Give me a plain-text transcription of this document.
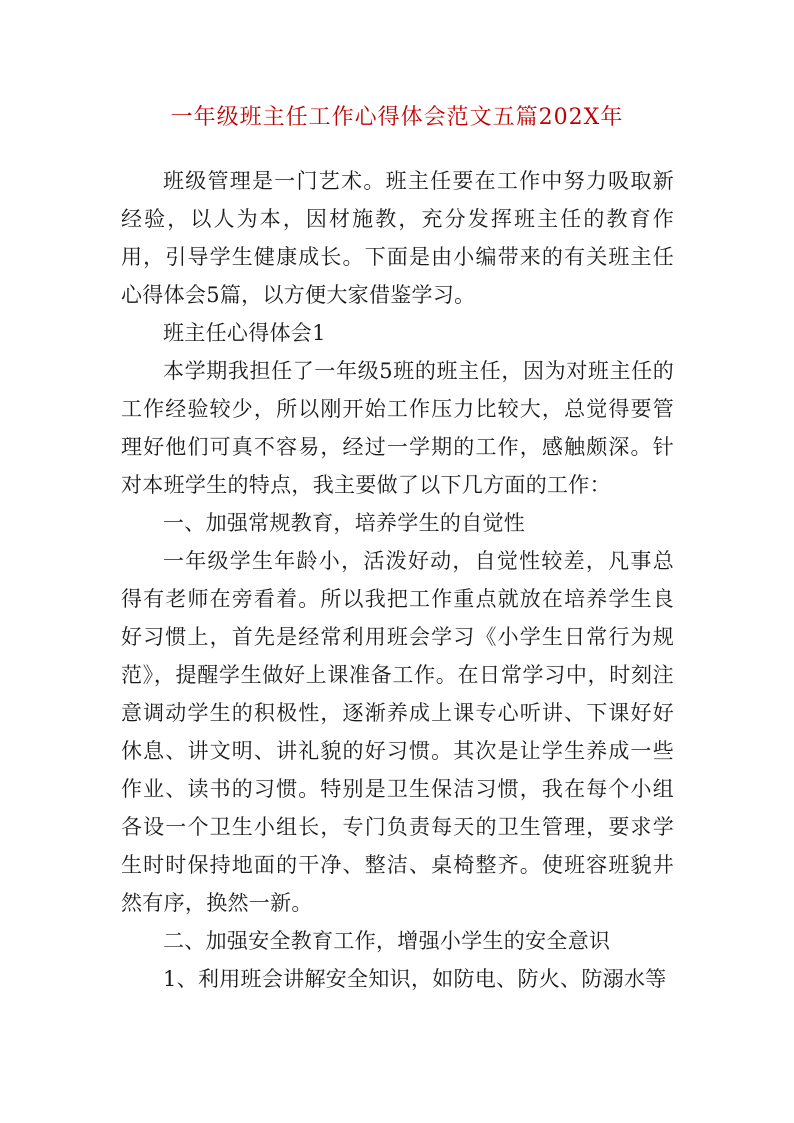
一年级班主任工作心得体会范文五篇202X年

班级管理是一门艺术。班主任要在工作中努力吸取新经验，以人为本，因材施教，充分发挥班主任的教育作用，引导学生健康成长。下面是由小编带来的有关班主任心得体会5篇，以方便大家借鉴学习。

班主任心得体会1

本学期我担任了一年级5班的班主任，因为对班主任的工作经验较少，所以刚开始工作压力比较大，总觉得要管理好他们可真不容易，经过一学期的工作，感触颇深。针对本班学生的特点，我主要做了以下几方面的工作：

一、加强常规教育，培养学生的自觉性

一年级学生年龄小，活泼好动，自觉性较差，凡事总得有老师在旁看着。所以我把工作重点就放在培养学生良好习惯上，首先是经常利用班会学习《小学生日常行为规范》，提醒学生做好上课准备工作。在日常学习中，时刻注意调动学生的积极性，逐渐养成上课专心听讲、下课好好休息、讲文明、讲礼貌的好习惯。其次是让学生养成一些作业、读书的习惯。特别是卫生保洁习惯，我在每个小组各设一个卫生小组长，专门负责每天的卫生管理，要求学生时时保持地面的干净、整洁、桌椅整齐。使班容班貌井然有序，换然一新。

二、加强安全教育工作，增强小学生的安全意识

1、利用班会讲解安全知识，如防电、防火、防溺水等
